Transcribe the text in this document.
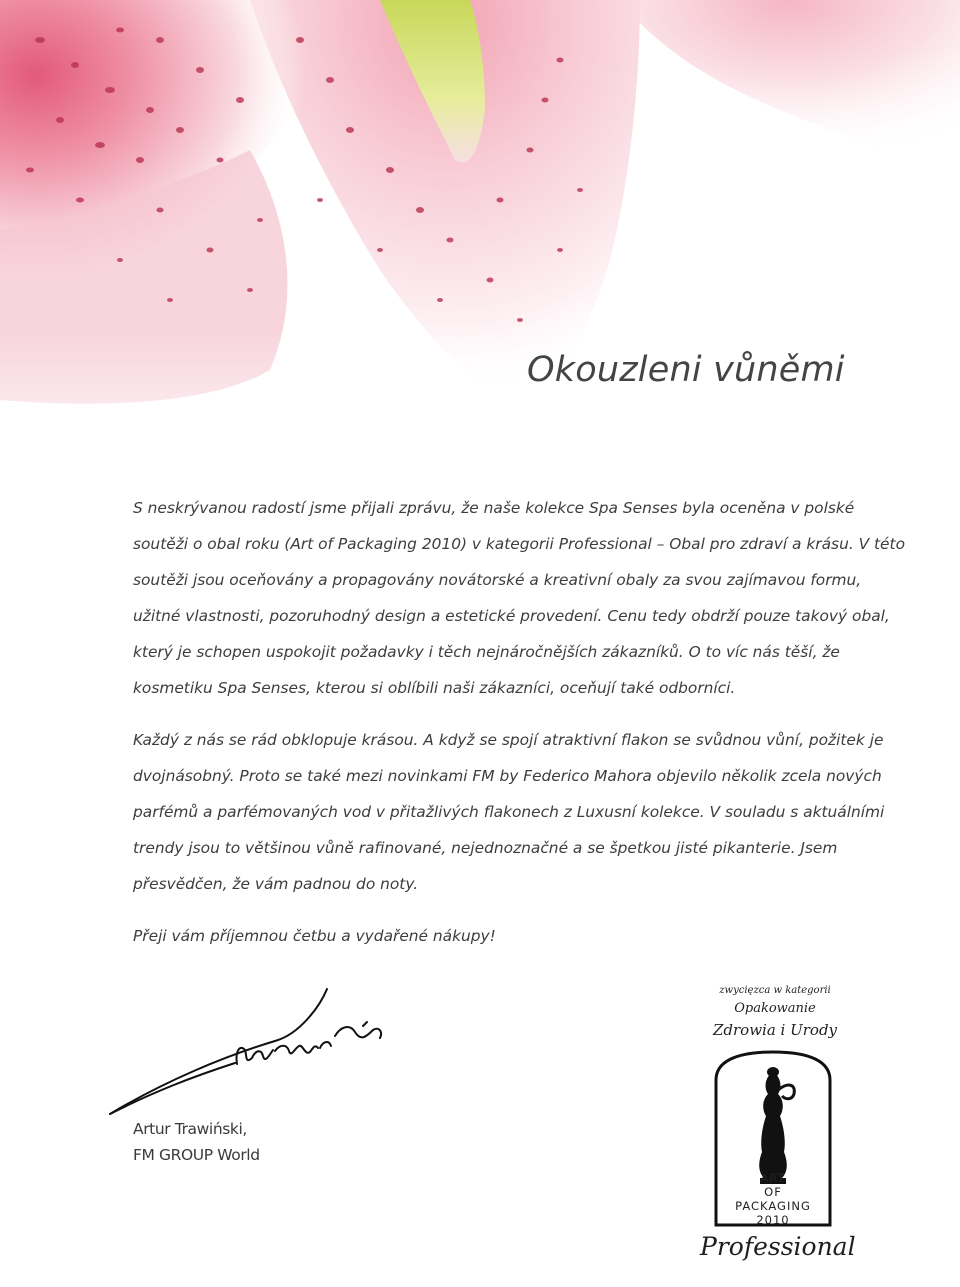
Okouzleni vůněmi

S neskrývanou radostí jsme přijali zprávu, že naše kolekce Spa Senses byla oceněna v polské soutěži o obal roku (Art of Packaging 2010) v kategorii Professional – Obal pro zdraví a krásu. V této soutěži jsou oceňovány a propagovány novátorské a kreativní obaly za svou zajímavou formu, užitné vlastnosti, pozoruhodný design a estetické provedení. Cenu tedy obdrží pouze takový obal, který je schopen uspokojit požadavky i těch nejnáročnějších zákazníků. O to víc nás těší, že kosmetiku Spa Senses, kterou si oblíbili naši zákazníci, oceňují také odborníci.

Každý z nás se rád obklopuje krásou. A když se spojí atraktivní flakon se svůdnou vůní, požitek je dvojnásobný. Proto se také mezi novinkami FM by Federico Mahora objevilo několik zcela nových parfémů a parfémovaných vod v přitažlivých flakonech z Luxusní kolekce. V souladu s aktuálními trendy jsou to většinou vůně rafinované, nejednoznačné a se špetkou jisté pikanterie. Jsem přesvědčen, že vám padnou do noty.

Přeji vám příjemnou četbu a vydařené nákupy!

Artur Trawiński,
FM GROUP World
zwycięzca w kategorii
Opakowanie
Zdrowia i Urody
ART
OF
PACKAGING
2010
Professional
